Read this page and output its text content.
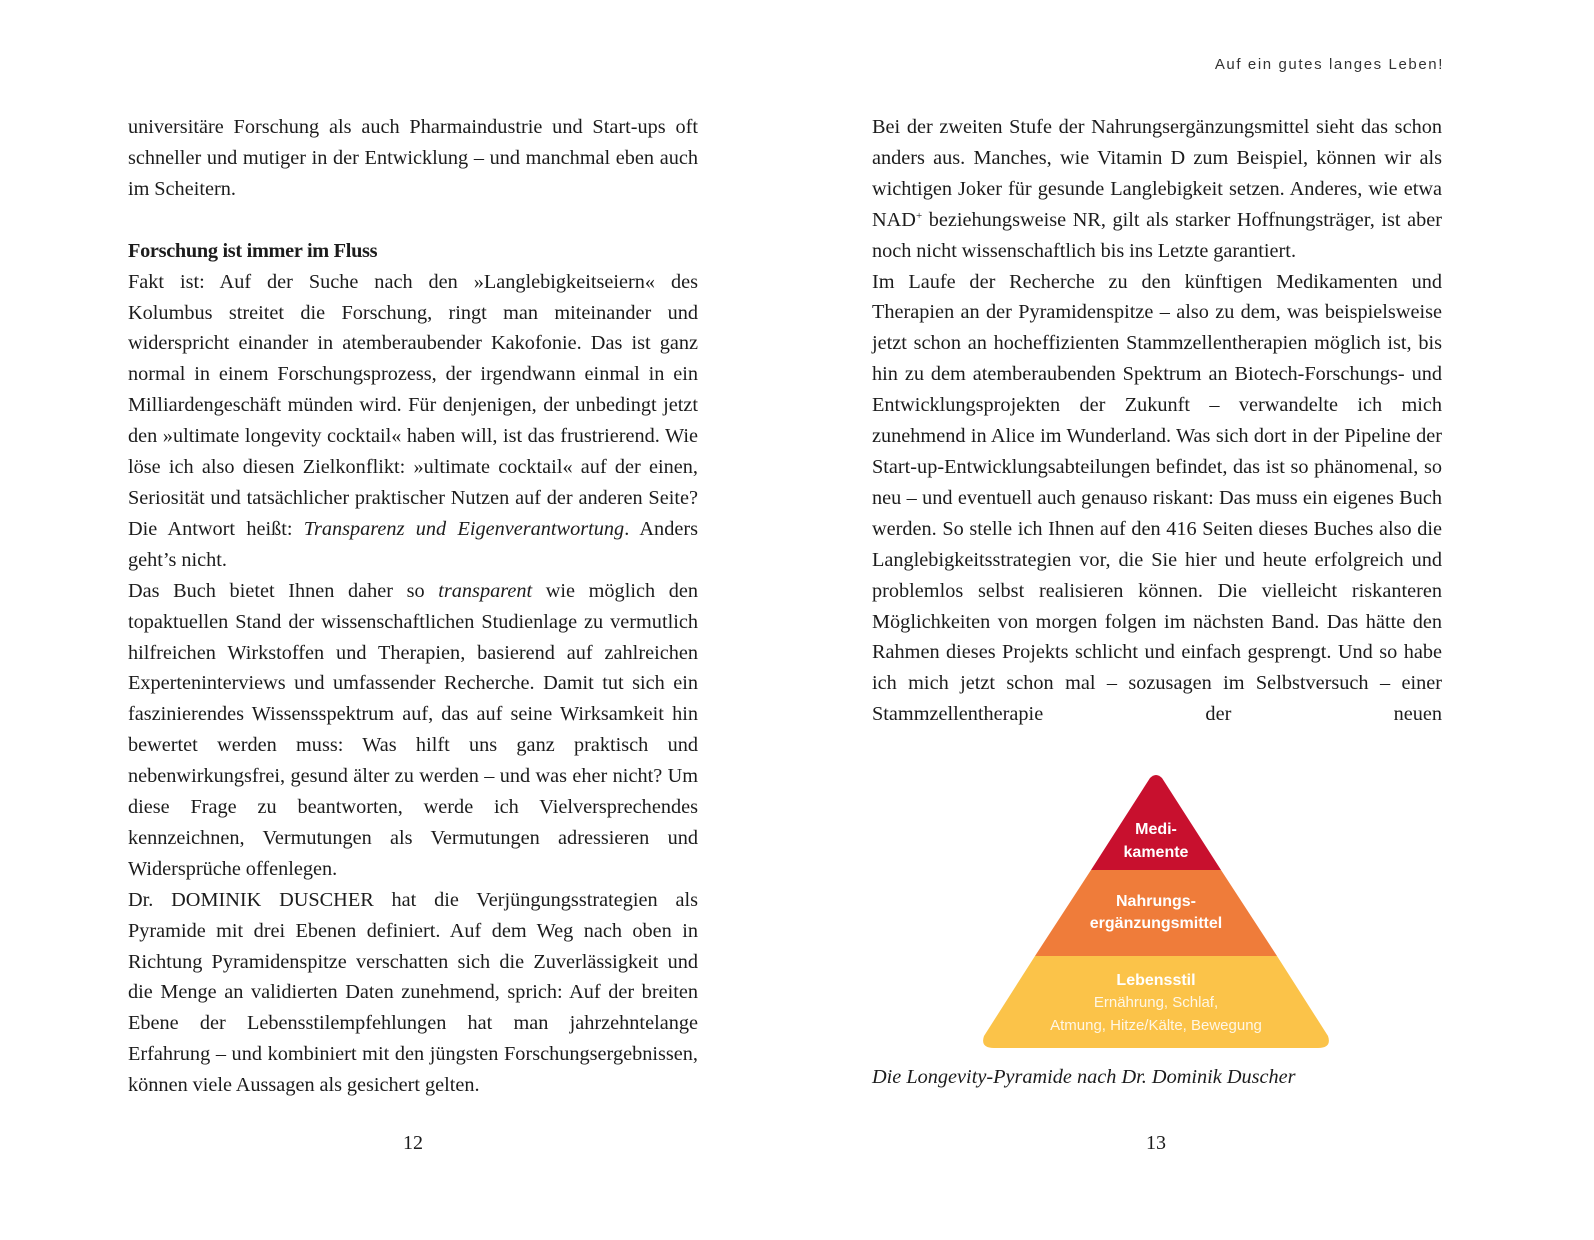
Auf ein gutes langes Leben!

universitäre Forschung als auch Pharmaindustrie und Start-ups oft schneller und mutiger in der Entwicklung – und manchmal eben auch im Scheitern.

Forschung ist immer im Fluss

Fakt ist: Auf der Suche nach den »Langlebigkeitseiern« des Kolumbus streitet die Forschung, ringt man miteinander und widerspricht einander in atemberaubender Kakofonie. Das ist ganz normal in einem Forschungsprozess, der irgendwann einmal in ein Milliardengeschäft münden wird. Für denjenigen, der unbedingt jetzt den »ultimate longevity cocktail« haben will, ist das frustrierend. Wie löse ich also diesen Zielkonflikt: »ultimate cocktail« auf der einen, Seriosität und tatsächlicher praktischer Nutzen auf der anderen Seite? Die Antwort heißt: Transparenz und Eigenverantwortung. Anders geht’s nicht.

Das Buch bietet Ihnen daher so transparent wie möglich den topaktuellen Stand der wissenschaftlichen Studienlage zu vermutlich hilfreichen Wirkstoffen und Therapien, basierend auf zahlreichen Experteninterviews und umfassender Recherche. Damit tut sich ein faszinierendes Wissensspektrum auf, das auf seine Wirksamkeit hin bewertet werden muss: Was hilft uns ganz praktisch und nebenwirkungsfrei, gesund älter zu werden – und was eher nicht? Um diese Frage zu beantworten, werde ich Vielversprechendes kennzeichnen, Vermutungen als Vermutungen adressieren und Widersprüche offenlegen.

Dr. DOMINIK DUSCHER hat die Verjüngungsstrategien als Pyramide mit drei Ebenen definiert. Auf dem Weg nach oben in Richtung Pyramidenspitze verschatten sich die Zuverlässigkeit und die Menge an validierten Daten zunehmend, sprich: Auf der breiten Ebene der Lebensstilempfehlungen hat man jahrzehntelange Erfahrung – und kombiniert mit den jüngsten Forschungsergebnissen, können viele Aussagen als gesichert gelten.

12

Bei der zweiten Stufe der Nahrungsergänzungsmittel sieht das schon anders aus. Manches, wie Vitamin D zum Beispiel, können wir als wichtigen Joker für gesunde Langlebigkeit setzen. Anderes, wie etwa NAD+ beziehungsweise NR, gilt als starker Hoffnungsträger, ist aber noch nicht wissenschaftlich bis ins Letzte garantiert.

Im Laufe der Recherche zu den künftigen Medikamenten und Therapien an der Pyramidenspitze – also zu dem, was beispielsweise jetzt schon an hocheffizienten Stammzellentherapien möglich ist, bis hin zu dem atemberaubenden Spektrum an Biotech-Forschungs- und Entwicklungsprojekten der Zukunft – verwandelte ich mich zunehmend in Alice im Wunderland. Was sich dort in der Pipeline der Start-up-Entwicklungsabteilungen befindet, das ist so phänomenal, so neu – und eventuell auch genauso riskant: Das muss ein eigenes Buch werden. So stelle ich Ihnen auf den 416 Seiten dieses Buches also die Langlebigkeitsstrategien vor, die Sie hier und heute erfolgreich und problemlos selbst realisieren können. Die vielleicht riskanteren Möglichkeiten von morgen folgen im nächsten Band. Das hätte den Rahmen dieses Projekts schlicht und einfach gesprengt. Und so habe ich mich jetzt schon mal – sozusagen im Selbstversuch – einer Stammzellentherapie der neuen

Medi-
kamente
Nahrungs-
ergänzungsmittel
Lebensstil
Ernährung, Schlaf,
Atmung, Hitze/Kälte, Bewegung

Die Longevity-Pyramide nach Dr. Dominik Duscher

13
